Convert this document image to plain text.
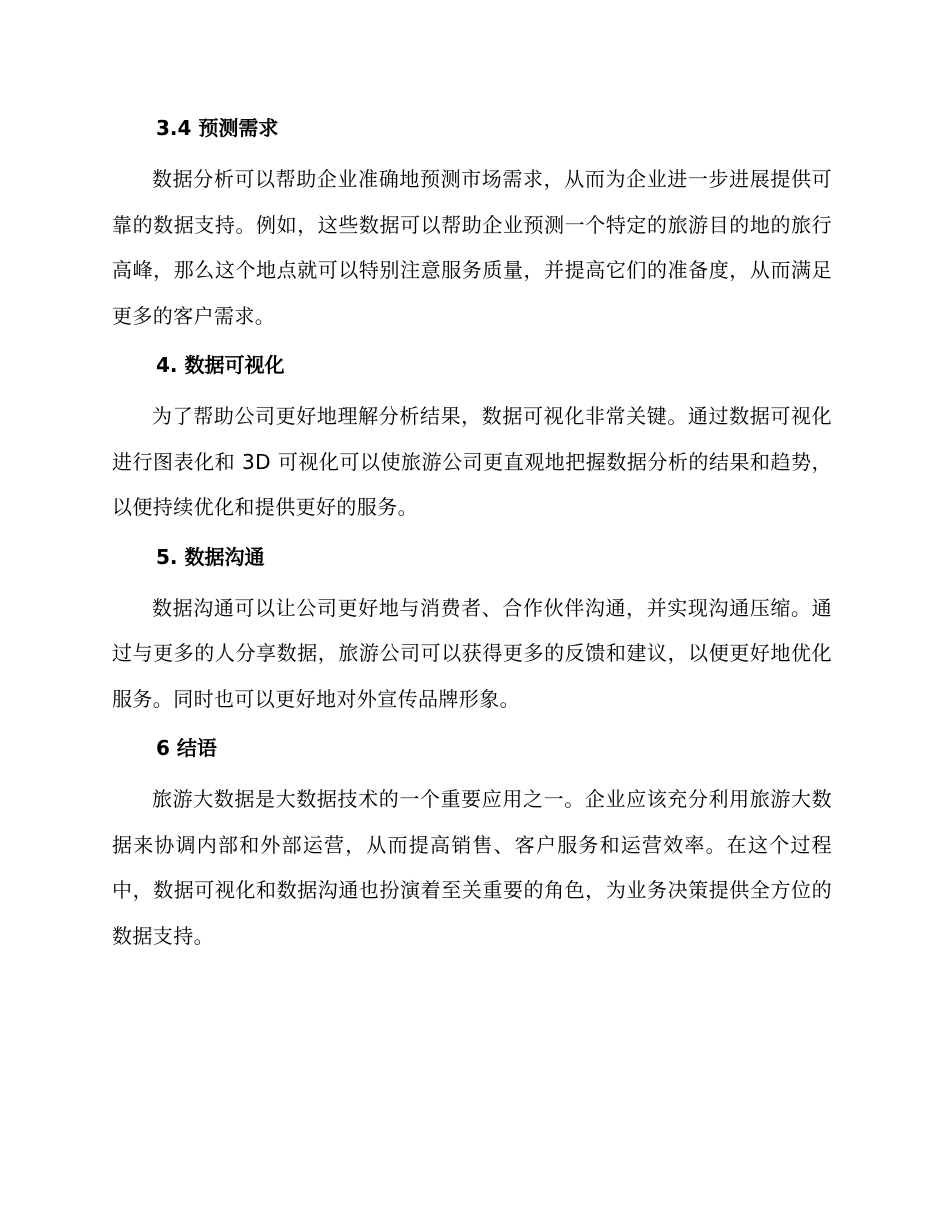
3.4 预测需求

数据分析可以帮助企业准确地预测市场需求，从而为企业进一步进展提供可靠的数据支持。例如，这些数据可以帮助企业预测一个特定的旅游目的地的旅行高峰，那么这个地点就可以特别注意服务质量，并提高它们的准备度，从而满足更多的客户需求。

4. 数据可视化

为了帮助公司更好地理解分析结果，数据可视化非常关键。通过数据可视化进行图表化和 3D 可视化可以使旅游公司更直观地把握数据分析的结果和趋势，以便持续优化和提供更好的服务。

5. 数据沟通

数据沟通可以让公司更好地与消费者、合作伙伴沟通，并实现沟通压缩。通过与更多的人分享数据，旅游公司可以获得更多的反馈和建议，以便更好地优化服务。同时也可以更好地对外宣传品牌形象。

6 结语

旅游大数据是大数据技术的一个重要应用之一。企业应该充分利用旅游大数据来协调内部和外部运营，从而提高销售、客户服务和运营效率。在这个过程中，数据可视化和数据沟通也扮演着至关重要的角色，为业务决策提供全方位的数据支持。
